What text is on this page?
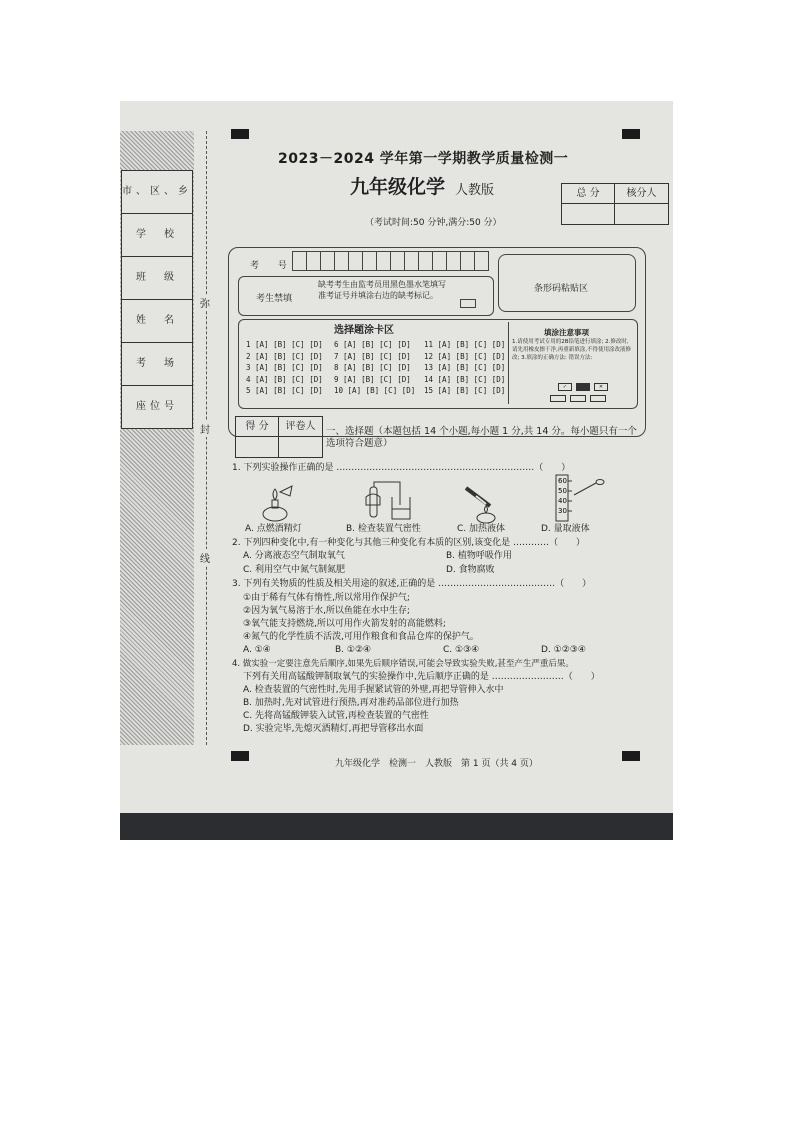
市、区、乡
学　校
班　级
姓　名
考　场
座位号
弥
封
线
2023－2024 学年第一学期教学质量检测一
九年级化学 人教版
（考试时间:50 分钟,满分:50 分）
总 分	核分人
考 号
考生禁填
缺考考生由监考员用黑色墨水笔填写准考证号并填涂右边的缺考标记。
条形码粘贴区
选择题涂卡区
1 [A] [B] [C] [D]
2 [A] [B] [C] [D]
3 [A] [B] [C] [D]
4 [A] [B] [C] [D]
5 [A] [B] [C] [D]
6 [A] [B] [C] [D]
7 [A] [B] [C] [D]
8 [A] [B] [C] [D]
9 [A] [B] [C] [D]
10 [A] [B] [C] [D]
11 [A] [B] [C] [D]
12 [A] [B] [C] [D]
13 [A] [B] [C] [D]
14 [A] [B] [C] [D]
15 [A] [B] [C] [D]
填涂注意事项
1.请使用考试专用的2B铅笔进行填涂; 2.修改时,请先用橡皮擦干净,再重新填涂,不得使用涂改液修改; 3.填涂的正确方法: 错误方法:
✓	✕
得 分	评卷人	一、选择题（本题包括 14 个小题,每小题 1 分,共 14 分。每小题只有一个选项符合题意）
1. 下列实验操作正确的是 …………………………………………………………（　　）
60
50
40
30
A. 点燃酒精灯	B. 检查装置气密性	C. 加热液体	D. 量取液体
2. 下列四种变化中,有一种变化与其他三种变化有本质的区别,该变化是 …………（　　）
A. 分离液态空气制取氧气	B. 植物呼吸作用
C. 利用空气中氮气制氮肥	D. 食物腐败
3. 下列有关物质的性质及相关用途的叙述,正确的是 …………………………………（　　）
①由于稀有气体有惰性,所以常用作保护气;
②因为氧气易溶于水,所以鱼能在水中生存;
③氧气能支持燃烧,所以可用作火箭发射的高能燃料;
④氮气的化学性质不活泼,可用作粮食和食品仓库的保护气。
A. ①④	B. ①②④	C. ①③④	D. ①②③④
4. 做实验一定要注意先后顺序,如果先后顺序错误,可能会导致实验失败,甚至产生严重后果。
下列有关用高锰酸钾制取氧气的实验操作中,先后顺序正确的是 ……………………（　　）
A. 检查装置的气密性时,先用手握紧试管的外壁,再把导管伸入水中
B. 加热时,先对试管进行预热,再对准药品部位进行加热
C. 先将高锰酸钾装入试管,再检查装置的气密性
D. 实验完毕,先熄灭酒精灯,再把导管移出水面
九年级化学　检测一　人教版　第 1 页（共 4 页）
